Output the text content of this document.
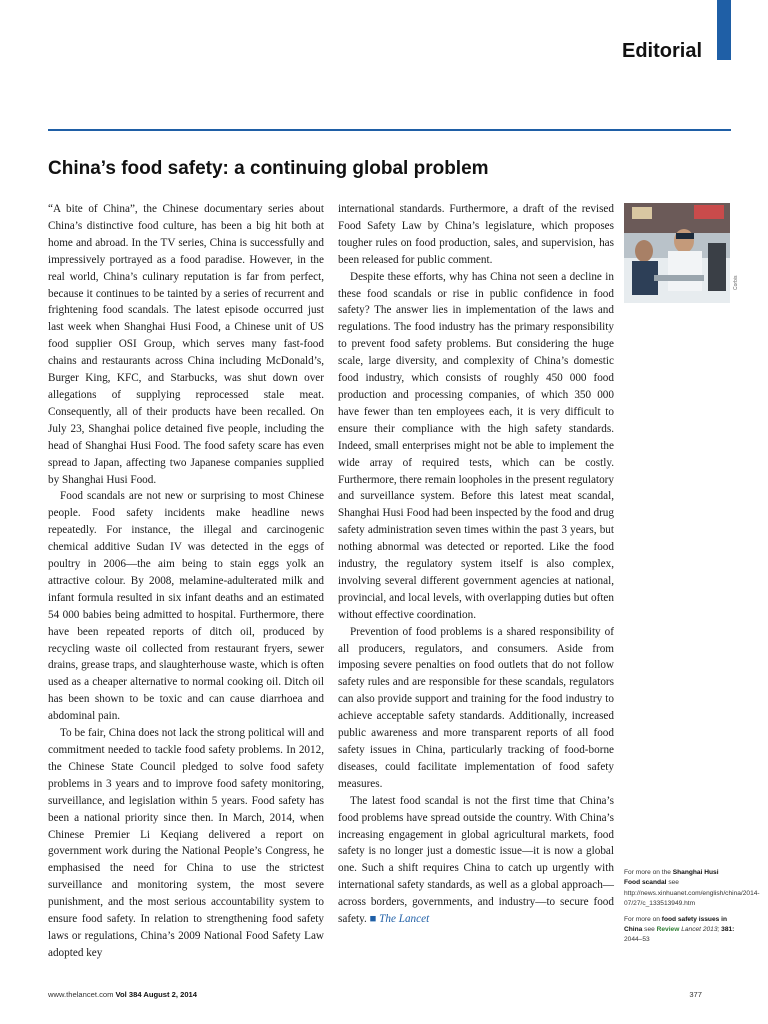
Editorial
China’s food safety: a continuing global problem

“A bite of China”, the Chinese documentary series about China’s distinctive food culture, has been a big hit both at home and abroad. In the TV series, China is successfully and impressively portrayed as a food paradise. However, in the real world, China’s culinary reputation is far from perfect, because it continues to be tainted by a series of recurrent and frightening food scandals. The latest episode occurred just last week when Shanghai Husi Food, a Chinese unit of US food supplier OSI Group, which serves many fast-food chains and restaurants across China including McDonald’s, Burger King, KFC, and Starbucks, was shut down over allegations of supplying reprocessed stale meat. Consequently, all of their products have been recalled. On July 23, Shanghai police detained five people, including the head of Shanghai Husi Food. The food safety scare has even spread to Japan, affecting two Japanese companies supplied by Shanghai Husi Food.

Food scandals are not new or surprising to most Chinese people. Food safety incidents make headline news repeatedly. For instance, the illegal and carcinogenic chemical additive Sudan IV was detected in the eggs of poultry in 2006—the aim being to stain eggs yolk an attractive colour. By 2008, melamine-adulterated milk and infant formula resulted in six infant deaths and an estimated 54 000 babies being admitted to hospital. Furthermore, there have been repeated reports of ditch oil, produced by recycling waste oil collected from restaurant fryers, sewer drains, grease traps, and slaughterhouse waste, which is often used as a cheaper alternative to normal cooking oil. Ditch oil has been shown to be toxic and can cause diarrhoea and abdominal pain.

To be fair, China does not lack the strong political will and commitment needed to tackle food safety problems. In 2012, the Chinese State Council pledged to solve food safety problems in 3 years and to improve food safety monitoring, surveillance, and legislation within 5 years. Food safety has been a national priority since then. In March, 2014, when Chinese Premier Li Keqiang delivered a report on government work during the National People’s Congress, he emphasised the need for China to use the strictest surveillance and monitoring system, the most severe punishment, and the most serious accountability system to ensure food safety. In relation to strengthening food safety laws or regulations, China’s 2009 National Food Safety Law adopted key

international standards. Furthermore, a draft of the revised Food Safety Law by China’s legislature, which proposes tougher rules on food production, sales, and supervision, has been released for public comment.

Despite these efforts, why has China not seen a decline in these food scandals or rise in public confidence in food safety? The answer lies in implementation of the laws and regulations. The food industry has the primary responsibility to prevent food safety problems. But considering the huge scale, large diversity, and complexity of China’s domestic food industry, which consists of roughly 450 000 food production and processing companies, of which 350 000 have fewer than ten employees each, it is very difficult to ensure their compliance with the high safety standards. Indeed, small enterprises might not be able to implement the wide array of required tests, which can be costly. Furthermore, there remain loopholes in the present regulatory and surveillance system. Before this latest meat scandal, Shanghai Husi Food had been inspected by the food and drug safety administration seven times within the past 3 years, but nothing abnormal was detected or reported. Like the food industry, the regulatory system itself is also complex, involving several different government agencies at national, provincial, and local levels, with overlapping duties but often without effective coordination.

Prevention of food problems is a shared responsibility of all producers, regulators, and consumers. Aside from imposing severe penalties on food outlets that do not follow safety rules and are responsible for these scandals, regulators can also provide support and training for the food industry to achieve acceptable safety standards. Additionally, increased public awareness and more transparent reports of all food safety issues in China, particularly tracking of food-borne diseases, could facilitate implementation of food safety measures.

The latest food scandal is not the first time that China’s food problems have spread outside the country. With China’s increasing engagement in global agricultural markets, food safety is no longer just a domestic issue—it is now a global one. Such a shift requires China to catch up urgently with international safety standards, as well as a global approach—across borders, governments, and industry—to secure food safety. ■ The Lancet

Corbis

For more on the Shanghai Husi Food scandal see http://news.xinhuanet.com/english/china/2014-07/27/c_133513949.htm

For more on food safety issues in China see Review Lancet 2013; 381: 2044–53

www.thelancet.com Vol 384 August 2, 2014	377
